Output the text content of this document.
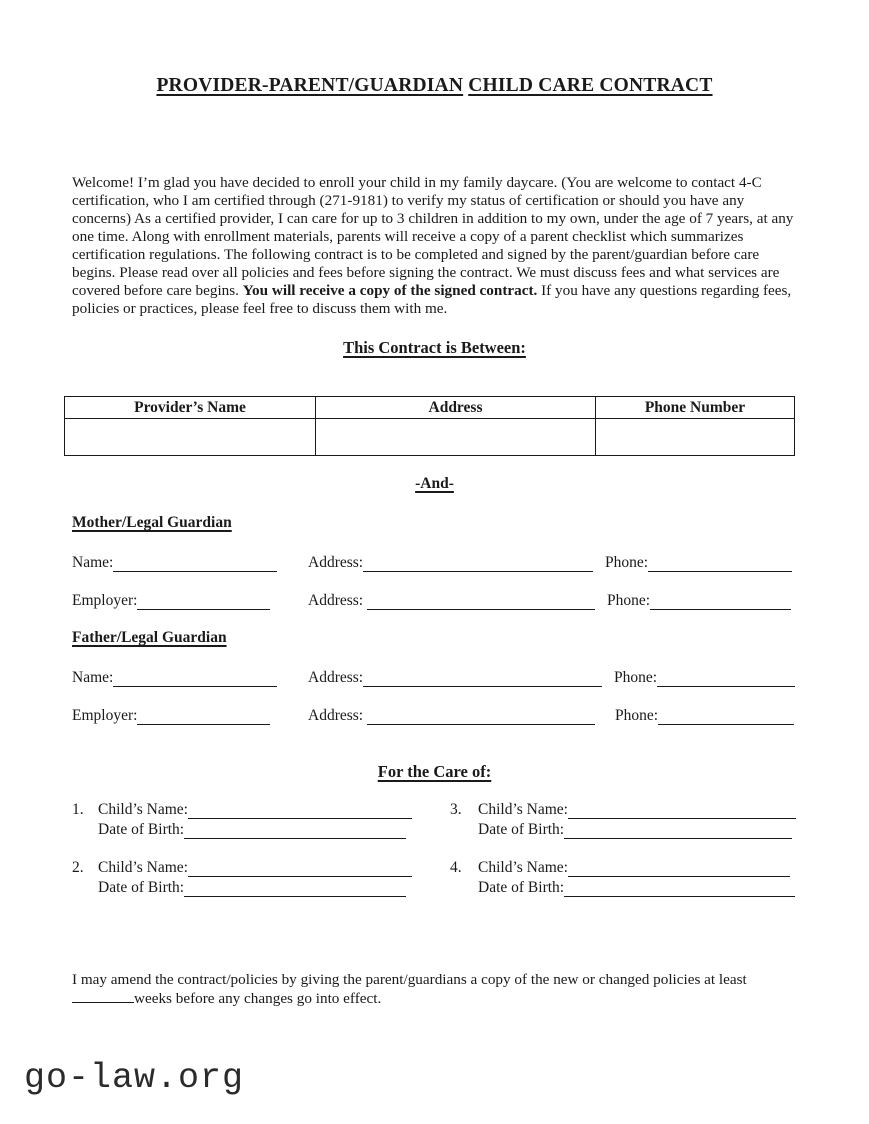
PROVIDER-PARENT/GUARDIAN CHILD CARE CONTRACT

Welcome! I’m glad you have decided to enroll your child in my family daycare. (You are welcome to contact 4-C certification, who I am certified through (271-9181) to verify my status of certification or should you have any concerns) As a certified provider, I can care for up to 3 children in addition to my own, under the age of 7 years, at any one time. Along with enrollment materials, parents will receive a copy of a parent checklist which summarizes certification regulations. The following contract is to be completed and signed by the parent/guardian before care begins. Please read over all policies and fees before signing the contract. We must discuss fees and what services are covered before care begins. You will receive a copy of the signed contract. If you have any questions regarding fees, policies or practices, please feel free to discuss them with me.

This Contract is Between:
Provider’s Name	Address	Phone Number

-And-
Mother/Legal Guardian
Name:	Address:	Phone:
Employer:	Address:	Phone:
Father/Legal Guardian
Name:	Address:	Phone:
Employer:	Address:	Phone:
For the Care of:
1. Child’s Name:
Date of Birth:
2. Child’s Name:
Date of Birth:
3.	Child’s Name:
Date of Birth:
4.	Child’s Name:
Date of Birth:

I may amend the contract/policies by giving the parent/guardians a copy of the new or changed policies at least weeks before any changes go into effect.

go-law.org
